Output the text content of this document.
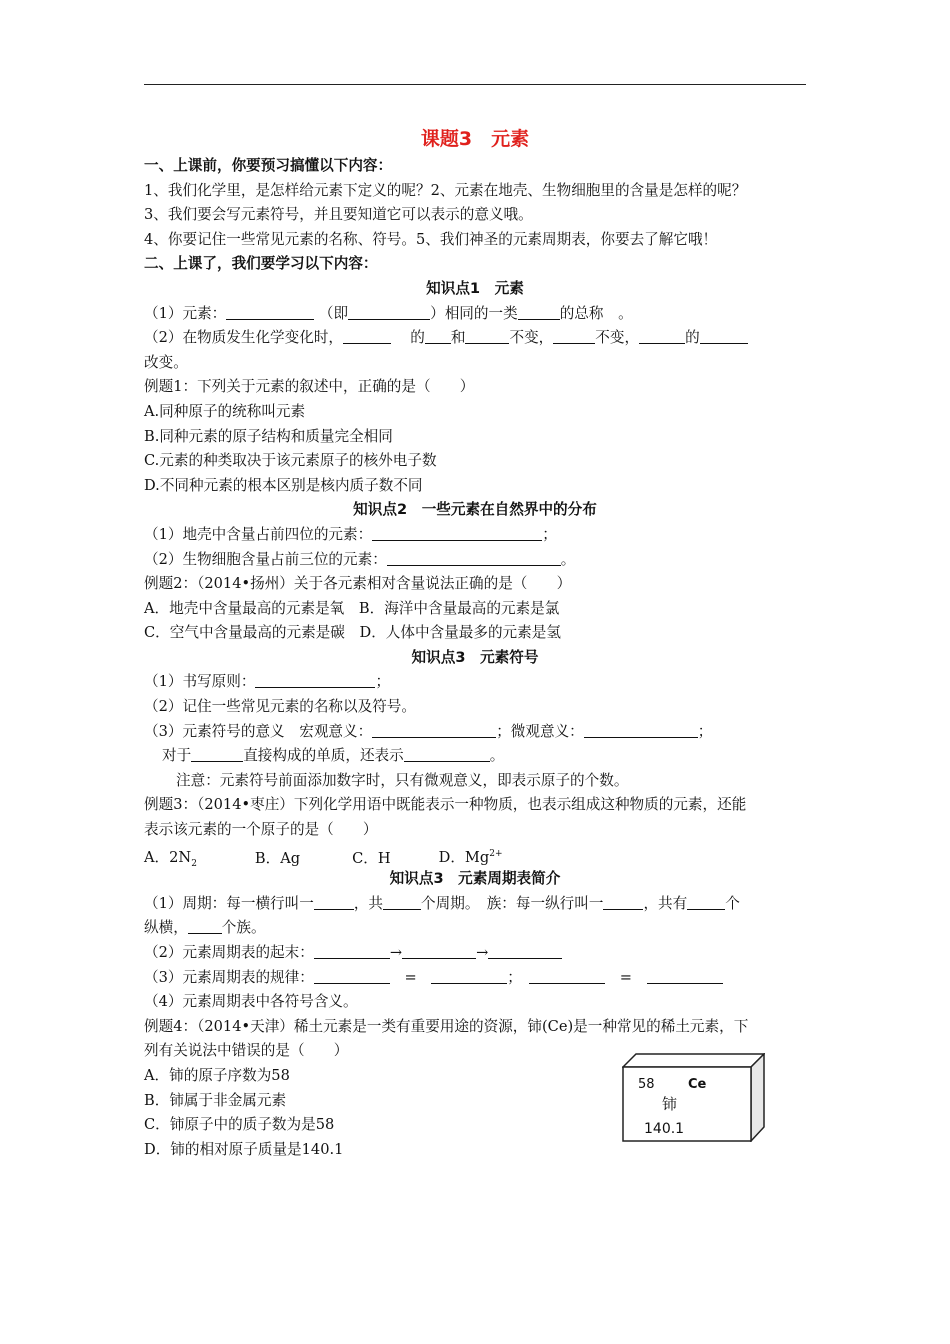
课题3　元素
一、上课前，你要预习搞懂以下内容：
1、我们化学里，是怎样给元素下定义的呢？2、元素在地壳、生物细胞里的含量是怎样的呢？
3、我们要会写元素符号，并且要知道它可以表示的意义哦。
4、你要记住一些常见元素的名称、符号。5、我们神圣的元素周期表，你要去了解它哦！
二、上课了，我们要学习以下内容：
知识点1　元素
（1）元素：	（即	）相同的一类	的总称　。
（2）在物质发生化学变化时， 　	的 和	不变，	不变，	的
改变。
例题1：下列关于元素的叙述中，正确的是（　　）
A.同种原子的统称叫元素
B.同种元素的原子结构和质量完全相同
C.元素的种类取决于该元素原子的核外电子数
D.不同种元素的根本区别是核内质子数不同
知识点2　一些元素在自然界中的分布
（1）地壳中含量占前四位的元素：	；
（2）生物细胞含量占前三位的元素：	。
例题2：（2014•扬州）关于各元素相对含量说法正确的是（　　）
A．地壳中含量最高的元素是氧　 B．海洋中含量最高的元素是氯
C．空气中含量最高的元素是碳　 D．人体中含量最多的元素是氢
知识点3　元素符号
（1）书写原则：	；
（2）记住一些常见元素的名称以及符号。
（3）元素符号的意义　宏观意义：	；微观意义：	；
对于	直接构成的单质，还表示	。
注意：元素符号前面添加数字时，只有微观意义，即表示原子的个数。
例题3：（2014•枣庄）下列化学用语中既能表示一种物质，也表示组成这种物质的元素，还能
表示该元素的一个原子的是（　　）
A．$2N_2$	B．Ag	C．H	D．$Mg^{2+}$
知识点3　元素周期表简介
（1）周期：每一横行叫一	，共	个周期。　族：每一纵行叫一	，共有	个
纵横， 个族。
（2）元素周期表的起末：	→	→
（3）元素周期表的规律：　	=　	；　　	=　
（4）元素周期表中各符号含义。
例题4：（2014•天津）稀土元素是一类有重要用途的资源，铈(Ce)是一种常见的稀土元素，下
列有关说法中错误的是（　　）
A．铈的原子序数为58
B．铈属于非金属元素
C．铈原子中的质子数为是58
D．铈的相对原子质量是140.1
58	Ce
铈
140.1
